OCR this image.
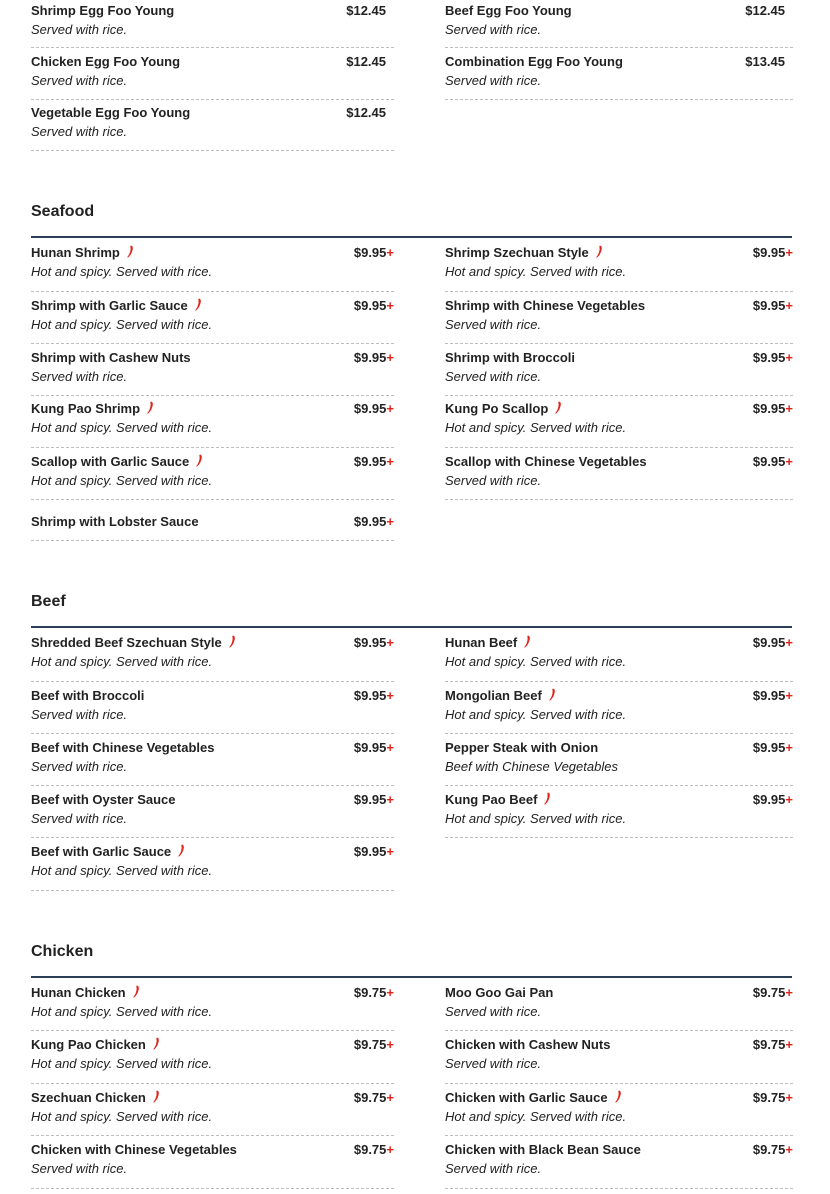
Shrimp Egg Foo Young
Served with rice.
$12.45	Beef Egg Foo Young
Served with rice.
$12.45
Chicken Egg Foo Young
Served with rice.
$12.45	Combination Egg Foo Young
Served with rice.
$13.45
Vegetable Egg Foo Young
Served with rice.
$12.45
Seafood
Hunan Shrimp
Hot and spicy. Served with rice.
$9.95+	Shrimp Szechuan Style
Hot and spicy. Served with rice.
$9.95+
Shrimp with Garlic Sauce
Hot and spicy. Served with rice.
$9.95+	Shrimp with Chinese Vegetables
Served with rice.
$9.95+
Shrimp with Cashew Nuts
Served with rice.
$9.95+	Shrimp with Broccoli
Served with rice.
$9.95+
Kung Pao Shrimp
Hot and spicy. Served with rice.
$9.95+	Kung Po Scallop
Hot and spicy. Served with rice.
$9.95+
Scallop with Garlic Sauce
Hot and spicy. Served with rice.
$9.95+	Scallop with Chinese Vegetables
Served with rice.
$9.95+
Shrimp with Lobster Sauce	$9.95+
Beef
Shredded Beef Szechuan Style
Hot and spicy. Served with rice.
$9.95+	Hunan Beef
Hot and spicy. Served with rice.
$9.95+
Beef with Broccoli
Served with rice.
$9.95+	Mongolian Beef
Hot and spicy. Served with rice.
$9.95+
Beef with Chinese Vegetables
Served with rice.
$9.95+	Pepper Steak with Onion
Beef with Chinese Vegetables
$9.95+
Beef with Oyster Sauce
Served with rice.
$9.95+	Kung Pao Beef
Hot and spicy. Served with rice.
$9.95+
Beef with Garlic Sauce
Hot and spicy. Served with rice.
$9.95+
Chicken
Hunan Chicken
Hot and spicy. Served with rice.
$9.75+	Moo Goo Gai Pan
Served with rice.
$9.75+
Kung Pao Chicken
Hot and spicy. Served with rice.
$9.75+	Chicken with Cashew Nuts
Served with rice.
$9.75+
Szechuan Chicken
Hot and spicy. Served with rice.
$9.75+	Chicken with Garlic Sauce
Hot and spicy. Served with rice.
$9.75+
Chicken with Chinese Vegetables
Served with rice.
$9.75+	Chicken with Black Bean Sauce
Served with rice.
$9.75+
